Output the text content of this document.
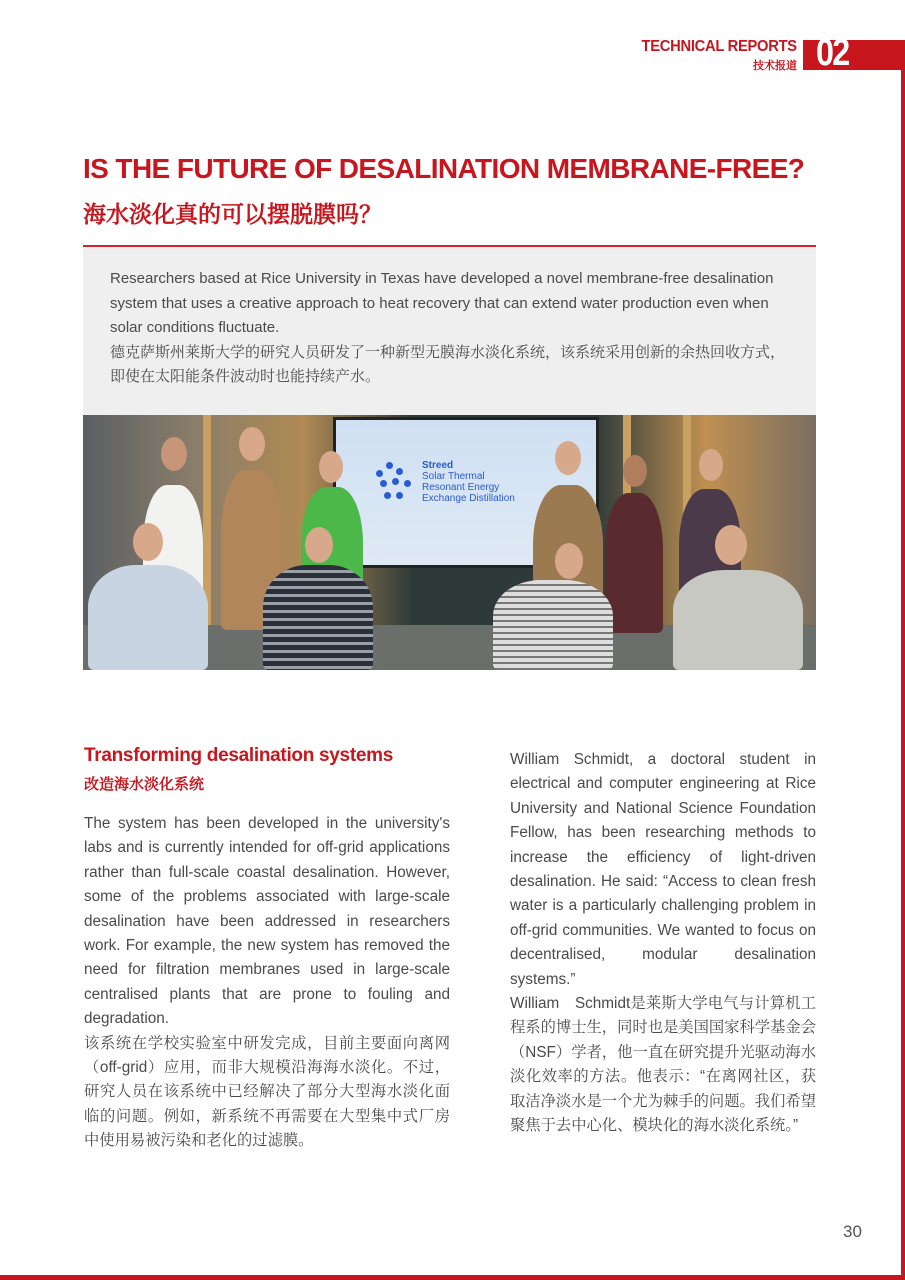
TECHNICAL REPORTS
技术报道 02
IS THE FUTURE OF DESALINATION MEMBRANE-FREE?
海水淡化真的可以摆脱膜吗？

Researchers based at Rice University in Texas have developed a novel membrane-free desalination system that uses a creative approach to heat recovery that can extend water production even when solar conditions fluctuate.
德克萨斯州莱斯大学的研究人员研发了一种新型无膜海水淡化系统，该系统采用创新的余热回收方式，即使在太阳能条件波动时也能持续产水。

Streed
Solar Thermal
Resonant Energy
Exchange Distillation
Transforming desalination systems
改造海水淡化系统

The system has been developed in the university's labs and is currently intended for off-grid applications rather than full-scale coastal desalination. However, some of the problems associated with large-scale desalination have been addressed in researchers work. For example, the new system has removed the need for filtration membranes used in large-scale centralised plants that are prone to fouling and degradation.

该系统在学校实验室中研发完成，目前主要面向离网（off-grid）应用，而非大规模沿海海水淡化。不过，研究人员在该系统中已经解决了部分大型海水淡化面临的问题。例如，新系统不再需要在大型集中式厂房中使用易被污染和老化的过滤膜。

William Schmidt, a doctoral student in electrical and computer engineering at Rice University and National Science Foundation Fellow, has been researching methods to increase the efficiency of light-driven desalination. He said: “Access to clean fresh water is a particularly challenging problem in off-grid communities. We wanted to focus on decentralised, modular desalination systems.”

William　Schmidt是莱斯大学电气与计算机工程系的博士生，同时也是美国国家科学基金会（NSF）学者，他一直在研究提升光驱动海水淡化效率的方法。他表示：“在离网社区，获取洁净淡水是一个尤为棘手的问题。我们希望聚焦于去中心化、模块化的海水淡化系统。”

30
